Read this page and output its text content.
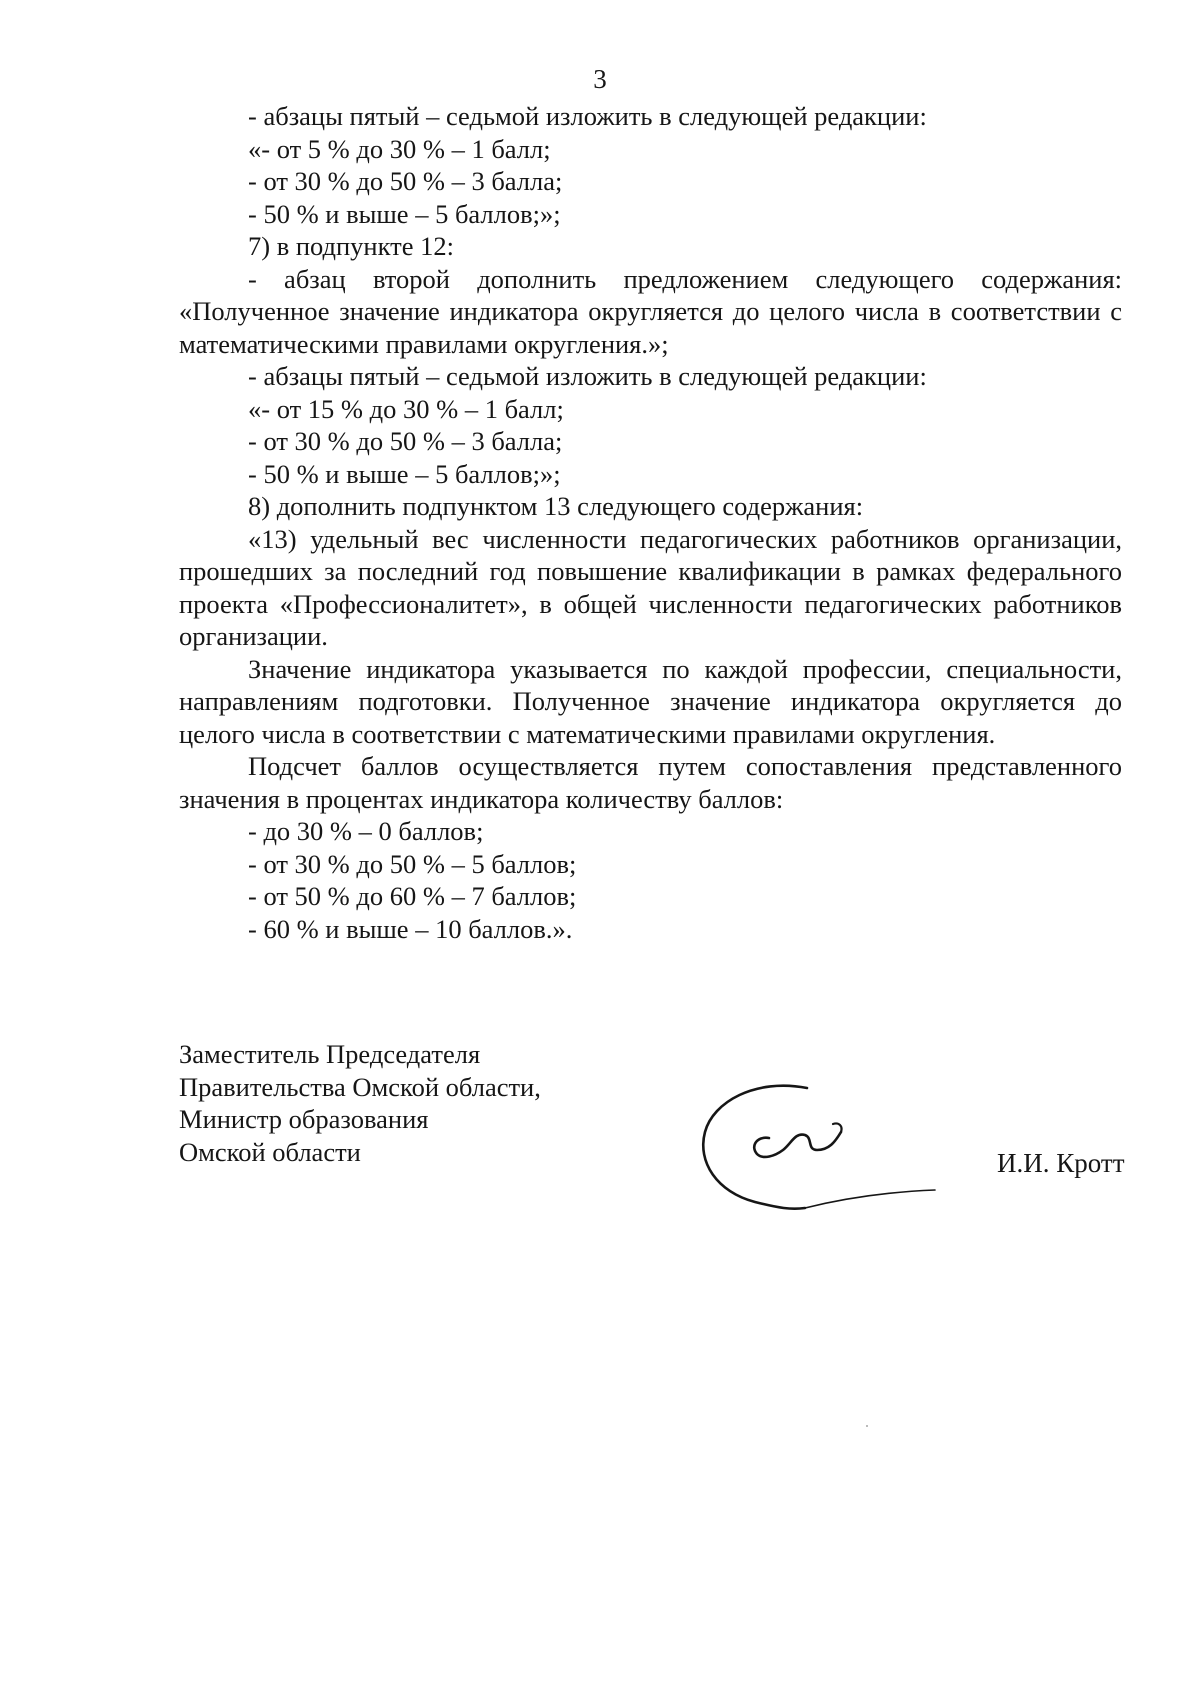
3

- абзацы пятый – седьмой изложить в следующей редакции:

«- от 5 % до 30 % – 1 балл;

- от 30 % до 50 % – 3 балла;

- 50 % и выше – 5 баллов;»;

7) в подпункте 12:

- абзац второй дополнить предложением следующего содержания: «Полученное значение индикатора округляется до целого числа в соответствии с математическими правилами округления.»;

- абзацы пятый – седьмой изложить в следующей редакции:

«- от 15 % до 30 % – 1 балл;

- от 30 % до 50 % – 3 балла;

- 50 % и выше – 5 баллов;»;

8) дополнить подпунктом 13 следующего содержания:

«13) удельный вес численности педагогических работников организации, прошедших за последний год повышение квалификации в рамках федерального проекта «Профессионалитет», в общей численности педагогических работников организации.

Значение индикатора указывается по каждой профессии, специальности, направлениям подготовки. Полученное значение индикатора округляется до целого числа в соответствии с математическими правилами округления.

Подсчет баллов осуществляется путем сопоставления представленного значения в процентах индикатора количеству баллов:

- до 30 % – 0 баллов;

- от 30 % до 50 % – 5 баллов;

- от 50 % до 60 % – 7 баллов;

- 60 % и выше – 10 баллов.».

Заместитель Председателя

Правительства Омской области,

Министр образования

Омской области	И.И. Кротт
